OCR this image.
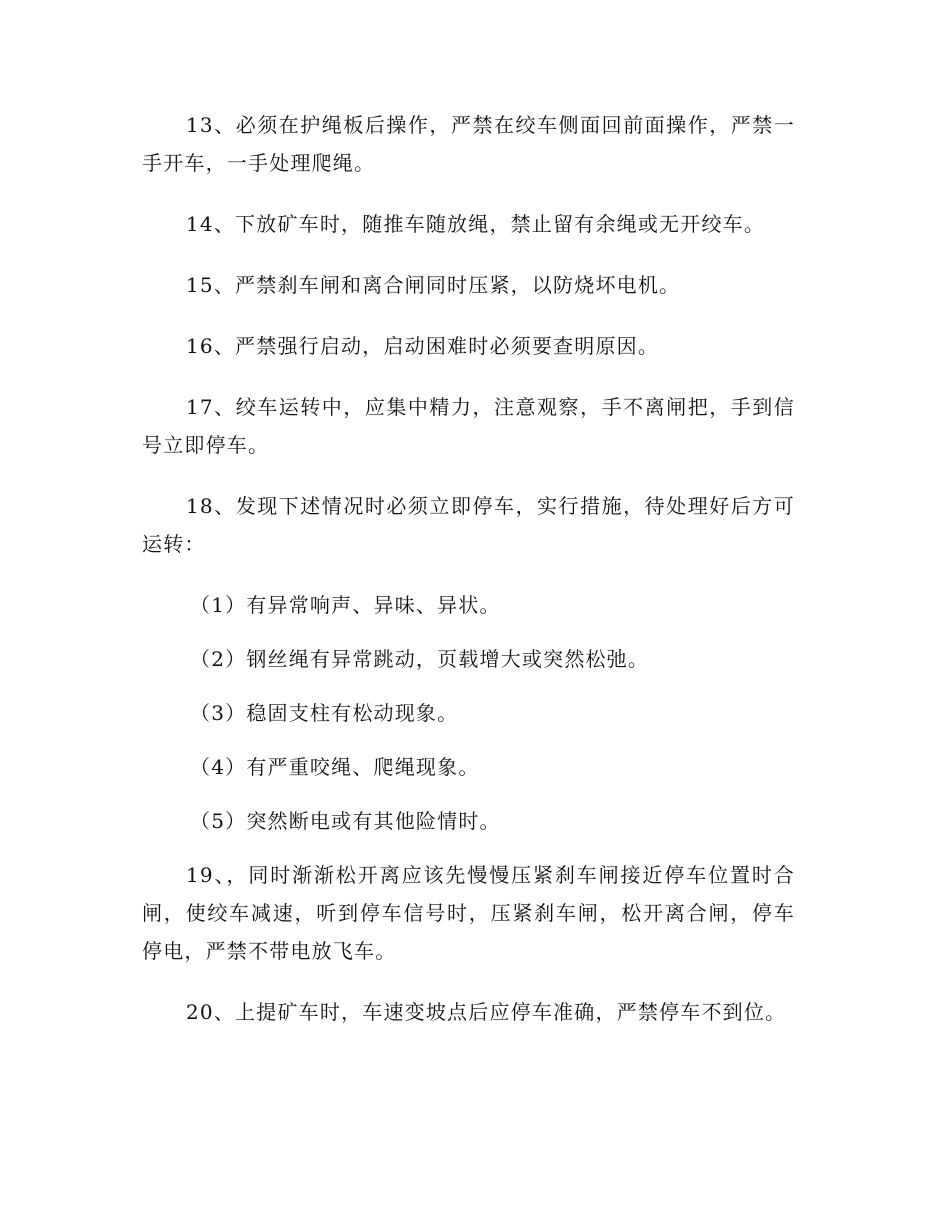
13、必须在护绳板后操作，严禁在绞车侧面回前面操作，严禁一手开车，一手处理爬绳。

14、下放矿车时，随推车随放绳，禁止留有余绳或无开绞车。

15、严禁刹车闸和离合闸同时压紧，以防烧坏电机。

16、严禁强行启动，启动困难时必须要查明原因。

17、绞车运转中，应集中精力，注意观察，手不离闸把，手到信号立即停车。

18、发现下述情况时必须立即停车，实行措施，待处理好后方可运转：

（1）有异常响声、异味、异状。

（2）钢丝绳有异常跳动，页载增大或突然松弛。

（3）稳固支柱有松动现象。

（4）有严重咬绳、爬绳现象。

（5）突然断电或有其他险情时。

19、，同时渐渐松开离应该先慢慢压紧刹车闸接近停车位置时合闸，使绞车减速，听到停车信号时，压紧刹车闸，松开离合闸，停车停电，严禁不带电放飞车。

20、上提矿车时，车速变坡点后应停车准确，严禁停车不到位。
